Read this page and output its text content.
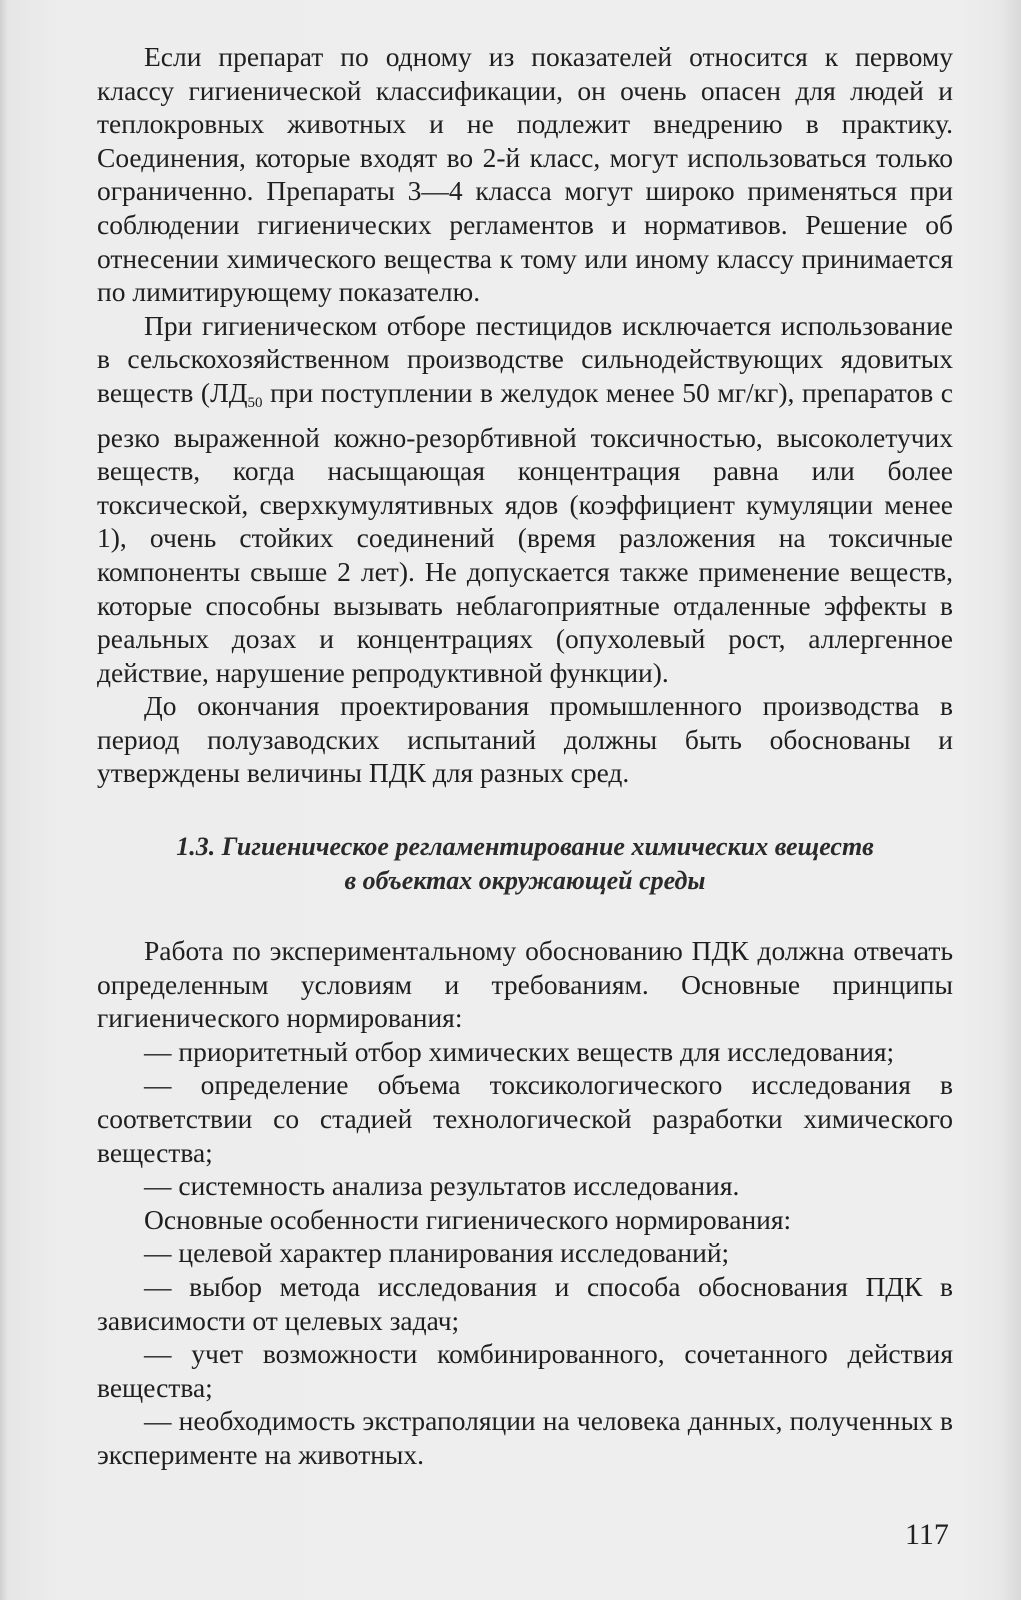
Если препарат по одному из показателей относится к первому классу гигиенической классификации, он очень опасен для людей и теплокровных животных и не подлежит внедрению в практику. Соединения, которые входят во 2-й класс, могут использоваться только ограниченно. Препараты 3—4 класса могут широко применяться при соблюдении гигиенических регламентов и нормативов. Решение об отнесении химического вещества к тому или иному классу принимается по лимитирующему показателю.

При гигиеническом отборе пестицидов исключается использование в сельскохозяйственном производстве сильнодействующих ядовитых веществ ($ЛД_{50}$ при поступлении в желудок менее 50 мг/кг), препаратов с резко выраженной кожно-резорбтивной токсичностью, высоколетучих веществ, когда насыщающая концентрация равна или более токсической, сверхкумулятивных ядов (коэффициент кумуляции менее 1), очень стойких соединений (время разложения на токсичные компоненты свыше 2 лет). Не допускается также применение веществ, которые способны вызывать неблагоприятные отдаленные эффекты в реальных дозах и концентрациях (опухолевый рост, аллергенное действие, нарушение репродуктивной функции).

До окончания проектирования промышленного производства в период полузаводских испытаний должны быть обоснованы и утверждены величины ПДК для разных сред.

1.3. Гигиеническое регламентирование химических веществ
в объектах окружающей среды

Работа по экспериментальному обоснованию ПДК должна отвечать определенным условиям и требованиям. Основные принципы гигиенического нормирования:

— приоритетный отбор химических веществ для исследования;

— определение объема токсикологического исследования в соответствии со стадией технологической разработки химического вещества;

— системность анализа результатов исследования.

Основные особенности гигиенического нормирования:

— целевой характер планирования исследований;

— выбор метода исследования и способа обоснования ПДК в зависимости от целевых задач;

— учет возможности комбинированного, сочетанного действия вещества;

— необходимость экстраполяции на человека данных, полученных в эксперименте на животных.

117
